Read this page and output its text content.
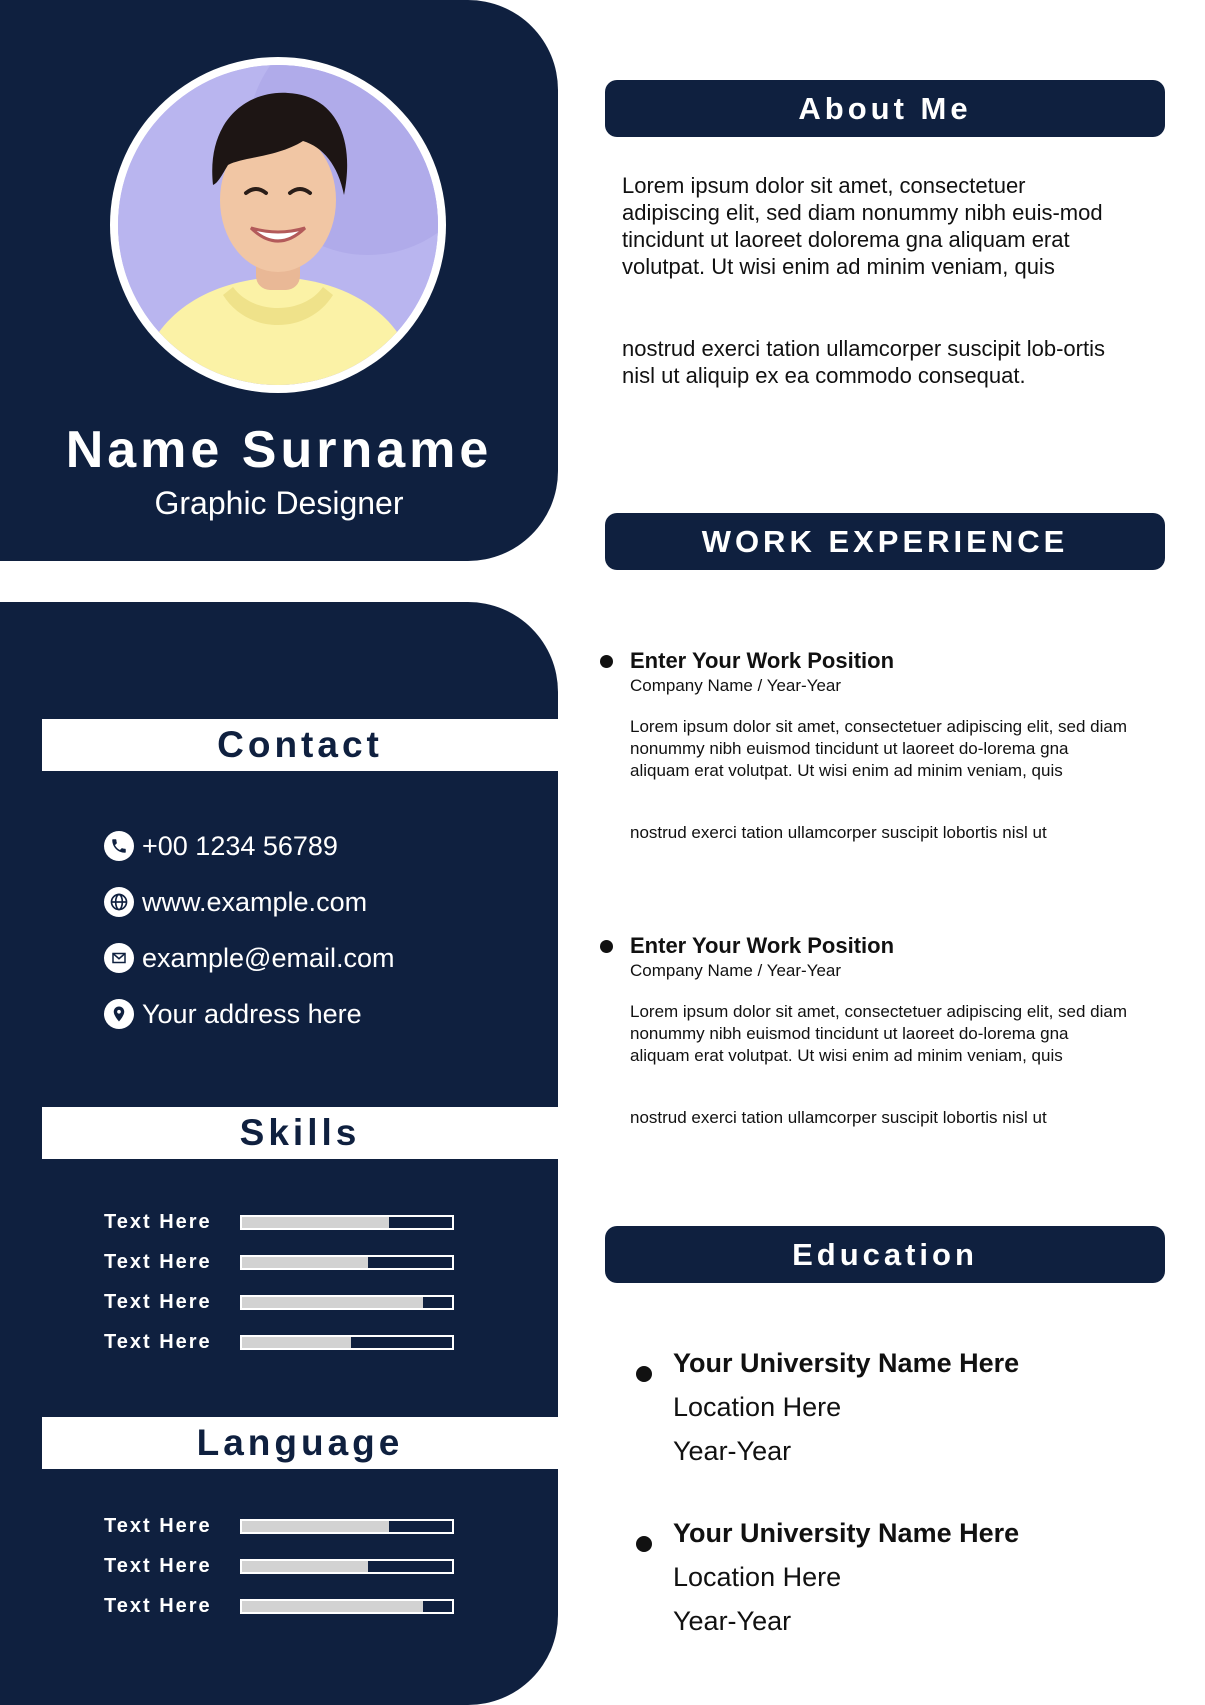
Name Surname
Graphic Designer
Contact
+00 1234 56789
www.example.com
example@email.com
Your address here
Skills
Text Here
Text Here
Text Here
Text Here
Language
Text Here
Text Here
Text Here
About Me
Lorem ipsum dolor sit amet, consectetuer adipiscing elit, sed diam nonummy nibh euis-mod tincidunt ut laoreet dolorema gna aliquam erat volutpat. Ut wisi enim ad minim veniam, quis
nostrud exerci tation ullamcorper suscipit lob-ortis nisl ut aliquip ex ea commodo consequat.
WORK EXPERIENCE
Enter Your Work Position
Company Name / Year-Year
Lorem ipsum dolor sit amet, consectetuer adipiscing elit, sed diam nonummy nibh euismod tincidunt ut laoreet do-lorema gna aliquam erat volutpat. Ut wisi enim ad minim veniam, quis
nostrud exerci tation ullamcorper suscipit lobortis nisl ut
Enter Your Work Position
Company Name / Year-Year
Lorem ipsum dolor sit amet, consectetuer adipiscing elit, sed diam nonummy nibh euismod tincidunt ut laoreet do-lorema gna aliquam erat volutpat. Ut wisi enim ad minim veniam, quis
nostrud exerci tation ullamcorper suscipit lobortis nisl ut
Education
Your University Name Here
Location Here
Year-Year
Your University Name Here
Location Here
Year-Year
